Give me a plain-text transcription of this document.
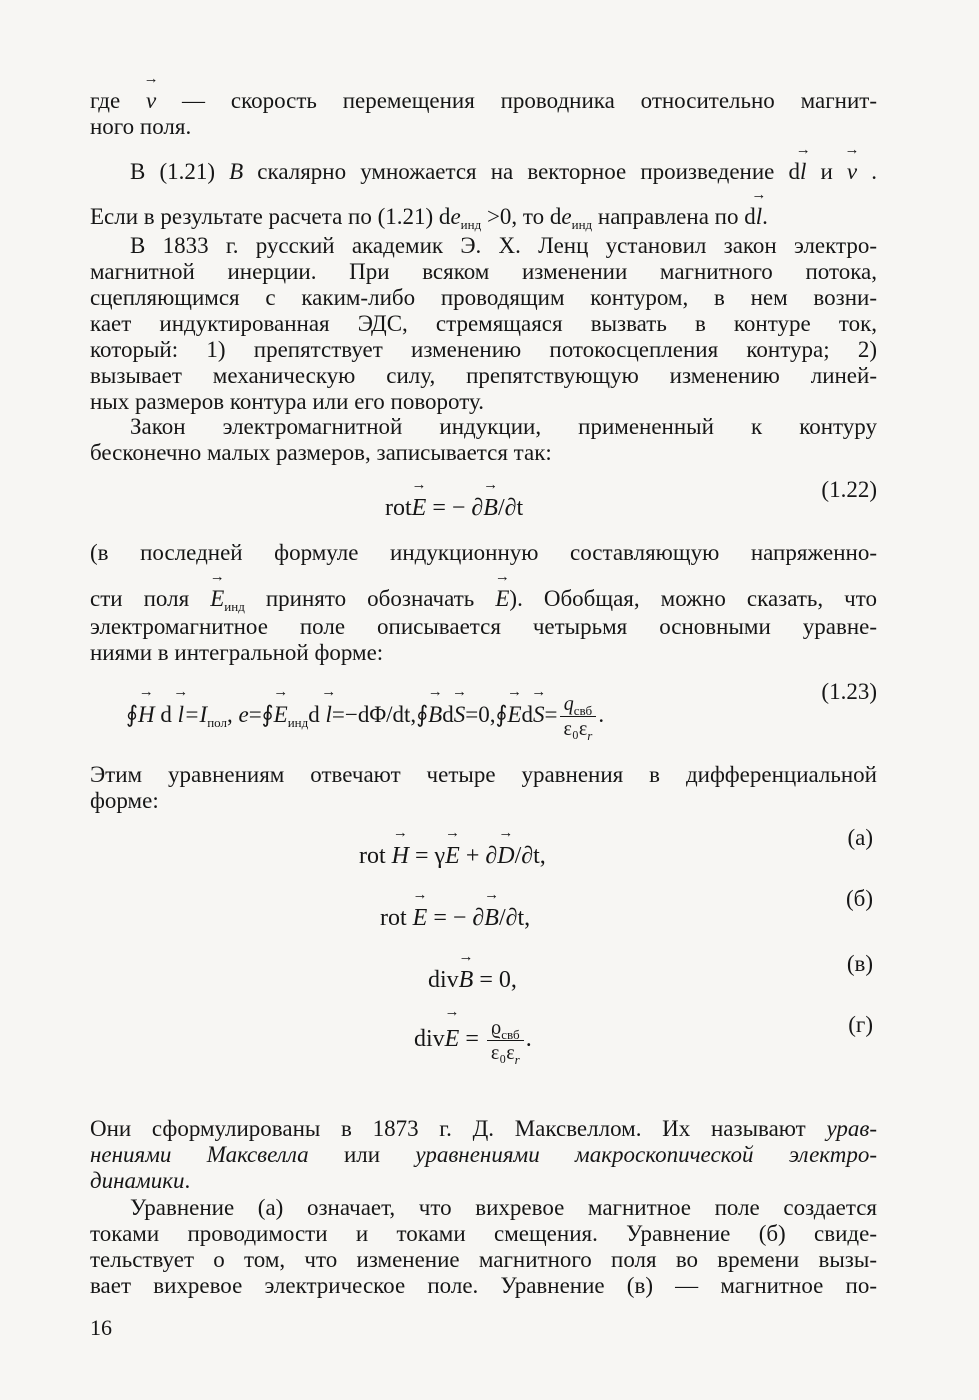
где → v — скорость перемещения проводника относительно магнит-
ного поля.
В (1.21) B скалярно умножается на векторное произведение d→ l и → v .
Если в результате расчета по (1.21) $de_{инд} >0$, то $de_{инд}$ направлена по d→ l.
В 1833 г. русский академик Э. Х. Ленц установил закон электро-
магнитной инерции. При всяком изменении магнитного потока,
сцепляющимся с каким-либо проводящим контуром, в нем возни-
кает индуктированная ЭДС, стремящаяся вызвать в контуре ток,
который: 1) препятствует изменению потокосцепления контура; 2)
вызывает механическую силу, препятствующую изменению линей-
ных размеров контура или его повороту.
Закон электромагнитной индукции, примененный к контуру
бесконечно малых размеров, записывается так:
rot→ E = − ∂→ B/∂t
(1.22)
(в последней формуле индукционную составляющую напряженно-
сти поля → $E_{инд}$ принято обозначать → E). Обобщая, можно сказать, что
электромагнитное поле описывается четырьмя основными уравне-
ниями в интегральной форме:
∮→ H $d \to l=I_{пол}$, e=∮→ $E_{инд}d$ → l=−dΦ/dt,∮→ Bd→ S=0,∮→ $Ed\to S= \frac{q_{свб}}{\varepsilon_0\varepsilon_r}$ .
(1.23)
Этим уравнениям отвечают четыре уравнения в дифференциальной
форме:
rot → H = γ→ E + ∂→ D/∂t,
(а)
rot → E = − ∂→ B/∂t,
(б)
div→ B = 0,
(в)
$div\to E = \frac{ϱ_{свб}}{\varepsilon_0\varepsilon_r}$ .
(г)
Они сформулированы в 1873 г. Д. Максвеллом. Их называют урав-
нениями Максвелла или уравнениями макроскопической электро-
динамики.
Уравнение (а) означает, что вихревое магнитное поле создается
токами проводимости и токами смещения. Уравнение (б) свиде-
тельствует о том, что изменение магнитного поля во времени вызы-
вает вихревое электрическое поле. Уравнение (в) — магнитное по-
16
